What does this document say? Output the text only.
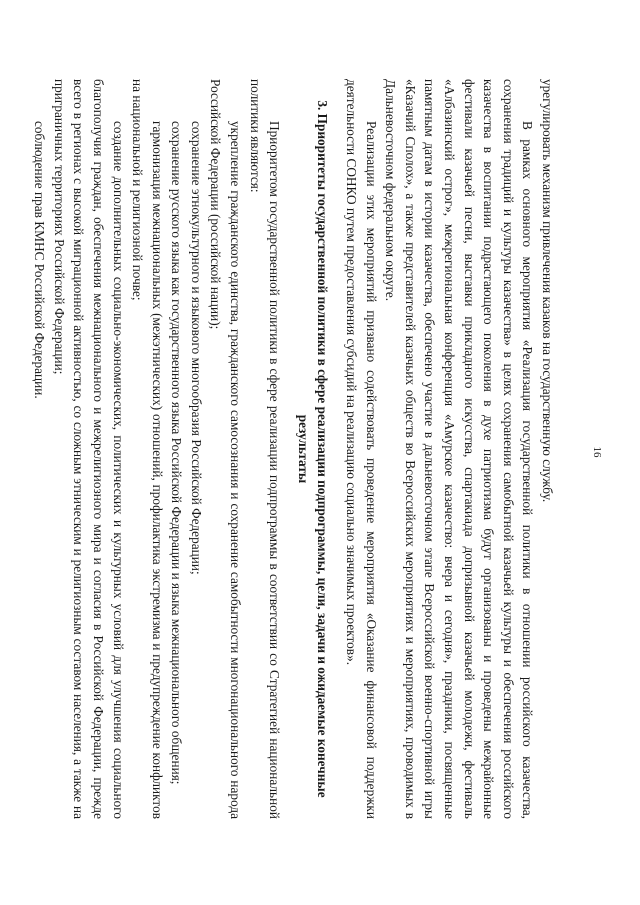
16

урегулировать механизм привлечения казаков на государственную службу.

В рамках основного мероприятия «Реализация государственной политики в отношении российского казачества, сохранения традиций и культуры казачества» в целях сохранения самобытной казачьей культуры и обеспечения российского казачества в воспитании подрастающего поколения в духе патриотизма будут организованы и проведены межрайонные фестивали казачьей песни, выставки прикладного искусства, спартакиада допризывной казачьей молодежи, фестиваль «Албазинский острог», межрегиональная конференция «Амурское казачество: вчера и сегодня», праздники, посвященные памятным датам в истории казачества, обеспечено участие в дальневосточном этапе Всероссийской военно-спортивной игры «Казачий Сполох», а также представителей казачьих обществ во Всероссийских мероприятиях и мероприятиях, проводимых в Дальневосточном федеральном округе.

Реализации этих мероприятий призвано содействовать проведение мероприятия «Оказание финансовой поддержки деятельности СОНКО путем предоставления субсидий на реализацию социально значимых проектов».

3. Приоритеты государственной политики в сфере реализации подпрограммы, цели, задачи и ожидаемые конечные результаты

Приоритетом государственной политики в сфере реализации подпрограммы в соответствии со Стратегией национальной политики являются:

укрепление гражданского единства, гражданского самосознания и сохранение самобытности многонационального народа Российской Федерации (российской нации);

сохранение этнокультурного и языкового многообразия Российской Федерации;

сохранение русского языка как государственного языка Российской Федерации и языка межнационального общения;

гармонизация межнациональных (межэтнических) отношений, профилактика экстремизма и предупреждение конфликтов на национальной и религиозной почве;

создание дополнительных социально-экономических, политических и культурных условий для улучшения социального благополучия граждан, обеспечения межнационального и межрелигиозного мира и согласия в Российской Федерации, прежде всего в регионах с высокой миграционной активностью, со сложным этническим и религиозным составом населения, а также на приграничных территориях Российской Федерации;

соблюдение прав КМНС Российской Федерации.
